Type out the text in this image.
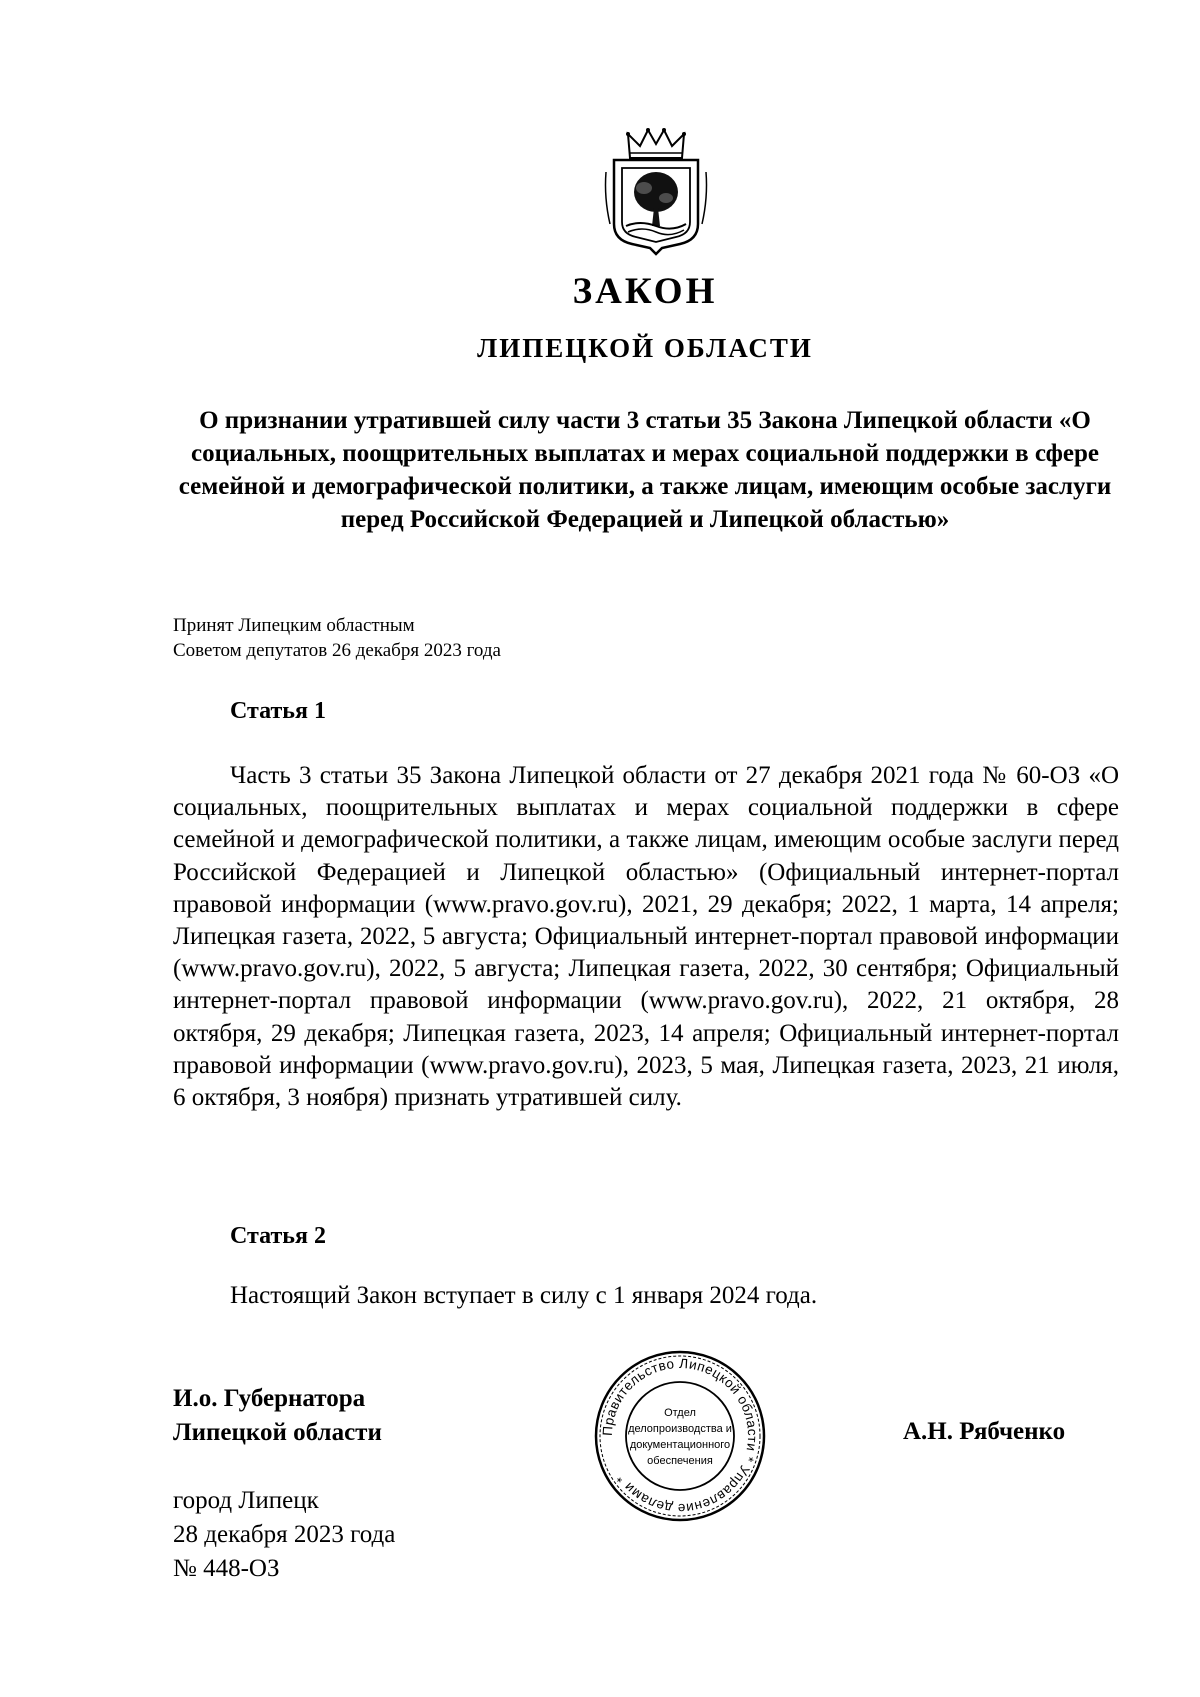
ЗАКОН
ЛИПЕЦКОЙ ОБЛАСТИ
О признании утратившей силу части 3 статьи 35 Закона Липецкой области «О социальных, поощрительных выплатах и мерах социальной поддержки в сфере семейной и демографической политики, а также лицам, имеющим особые заслуги перед Российской Федерацией и Липецкой областью»
Принят Липецким областным
Советом депутатов 26 декабря 2023 года
Статья 1
Часть 3 статьи 35 Закона Липецкой области от 27 декабря 2021 года № 60-ОЗ «О социальных, поощрительных выплатах и мерах социальной поддержки в сфере семейной и демографической политики, а также лицам, имеющим особые заслуги перед Российской Федерацией и Липецкой областью» (Официальный интернет-портал правовой информации (www.pravo.gov.ru), 2021, 29 декабря; 2022, 1 марта, 14 апреля; Липецкая газета, 2022, 5 августа; Официальный интернет-портал правовой информации (www.pravo.gov.ru), 2022, 5 августа; Липецкая газета, 2022, 30 сентября; Официальный интернет-портал правовой информации (www.pravo.gov.ru), 2022, 21 октября, 28 октября, 29 декабря; Липецкая газета, 2023, 14 апреля; Официальный интернет-портал правовой информации (www.pravo.gov.ru), 2023, 5 мая, Липецкая газета, 2023, 21 июля, 6 октября, 3 ноября) признать утратившей силу.
Статья 2
Настоящий Закон вступает в силу с 1 января 2024 года.
И.о. Губернатора
Липецкой области	Правительство Липецкой области * Управление делами *
Отдел
делопроизводства и
документационного
обеспечения
А.Н. Рябченко
город Липецк
28 декабря 2023 года
№ 448-ОЗ
